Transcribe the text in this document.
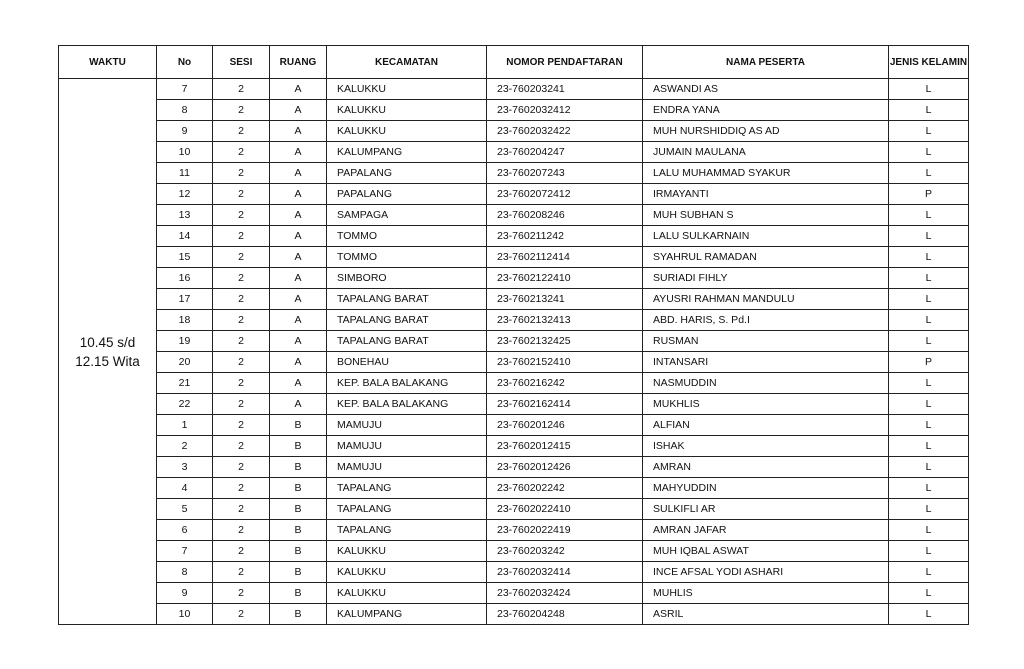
WAKTU	No	SESI	RUANG	KECAMATAN	NOMOR PENDAFTARAN	NAMA PESERTA	JENIS KELAMIN

10.45 s/d
12.15 Wita	7	2	A	KALUKKU	23-760203241	ASWANDI AS	L
	8	2	A	KALUKKU	23-7602032412	ENDRA YANA	L
	9	2	A	KALUKKU	23-7602032422	MUH NURSHIDDIQ AS AD	L
	10	2	A	KALUMPANG	23-760204247	JUMAIN MAULANA	L
	11	2	A	PAPALANG	23-760207243	LALU MUHAMMAD SYAKUR	L
	12	2	A	PAPALANG	23-7602072412	IRMAYANTI	P
	13	2	A	SAMPAGA	23-760208246	MUH SUBHAN S	L
	14	2	A	TOMMO	23-760211242	LALU SULKARNAIN	L
	15	2	A	TOMMO	23-7602112414	SYAHRUL RAMADAN	L
	16	2	A	SIMBORO	23-7602122410	SURIADI FIHLY	L
	17	2	A	TAPALANG BARAT	23-760213241	AYUSRI RAHMAN MANDULU	L
	18	2	A	TAPALANG BARAT	23-7602132413	ABD. HARIS, S. Pd.I	L
	19	2	A	TAPALANG BARAT	23-7602132425	RUSMAN	L
	20	2	A	BONEHAU	23-7602152410	INTANSARI	P
	21	2	A	KEP. BALA BALAKANG	23-760216242	NASMUDDIN	L
	22	2	A	KEP. BALA BALAKANG	23-7602162414	MUKHLIS	L
	1	2	B	MAMUJU	23-760201246	ALFIAN	L
	2	2	B	MAMUJU	23-7602012415	ISHAK	L
	3	2	B	MAMUJU	23-7602012426	AMRAN	L
	4	2	B	TAPALANG	23-760202242	MAHYUDDIN	L
	5	2	B	TAPALANG	23-7602022410	SULKIFLI AR	L
	6	2	B	TAPALANG	23-7602022419	AMRAN JAFAR	L
	7	2	B	KALUKKU	23-760203242	MUH IQBAL ASWAT	L
	8	2	B	KALUKKU	23-7602032414	INCE AFSAL YODI ASHARI	L
	9	2	B	KALUKKU	23-7602032424	MUHLIS	L
	10	2	B	KALUMPANG	23-760204248	ASRIL	L
